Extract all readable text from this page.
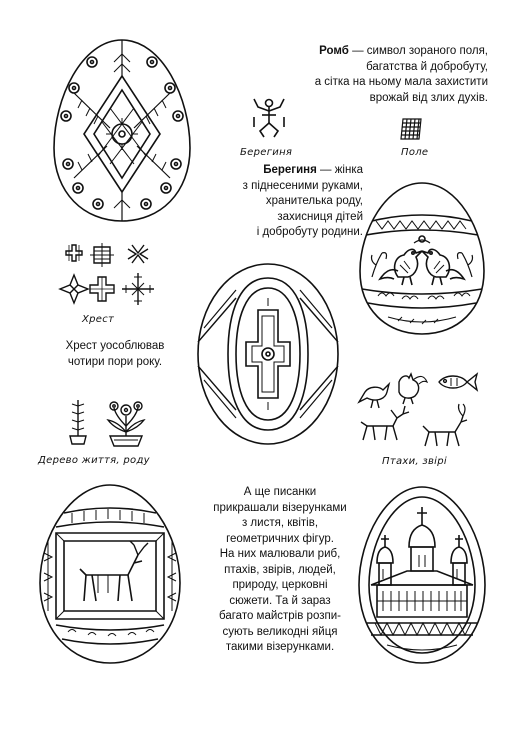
Ромб — символ зораного поля,
багатства й добробуту,
а сітка на ньому мала захистити
врожай від злих духів.
Берегиня — жінка
з піднесеними руками,
хранителька роду,
захисниця дітей
і добробуту родини.
Хрест уособлював
чотири пори року.
А ще писанки
прикрашали візерунками
з листя, квітів,
геометричних фігур.
На них малювали риб,
птахів, звірів, людей,
природу, церковні
сюжети. Та й зараз
багато майстрів розпи-
сують великодні яйця
такими візерунками.
Берегиня	Поле
Хрест
Дерево життя, роду	Птахи, звірі
